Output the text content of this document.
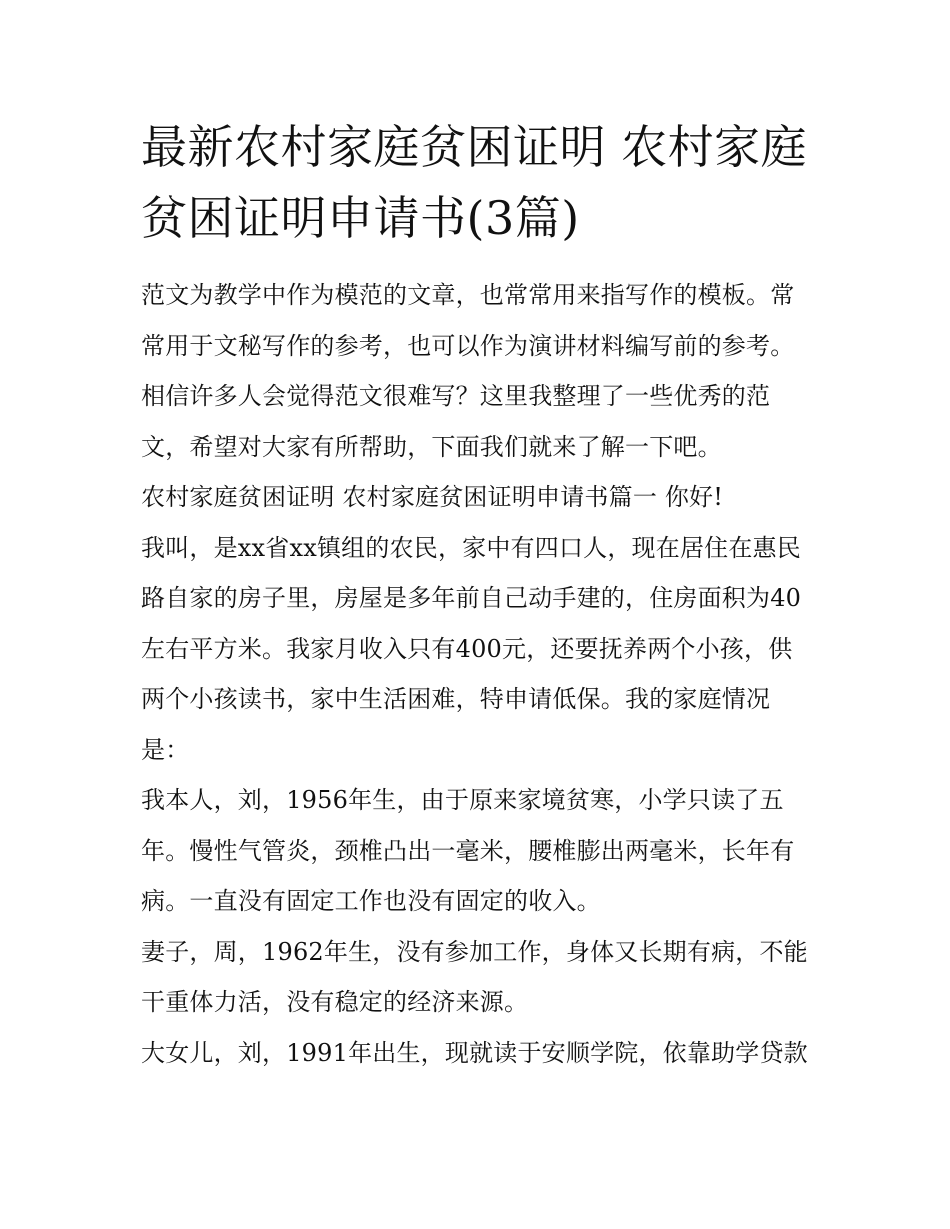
最新农村家庭贫困证明 农村家庭贫困证明申请书(3篇)

范文为教学中作为模范的文章，也常常用来指写作的模板。常常用于文秘写作的参考，也可以作为演讲材料编写前的参考。相信许多人会觉得范文很难写？这里我整理了一些优秀的范文，希望对大家有所帮助，下面我们就来了解一下吧。

农村家庭贫困证明 农村家庭贫困证明申请书篇一 你好!

我叫，是xx省xx镇组的农民，家中有四口人，现在居住在惠民路自家的房子里，房屋是多年前自己动手建的，住房面积为40左右平方米。我家月收入只有400元，还要抚养两个小孩，供两个小孩读书，家中生活困难，特申请低保。我的家庭情况是：

我本人，刘，1956年生，由于原来家境贫寒，小学只读了五年。慢性气管炎，颈椎凸出一毫米，腰椎膨出两毫米，长年有病。一直没有固定工作也没有固定的收入。

妻子，周，1962年生，没有参加工作，身体又长期有病，不能干重体力活，没有稳定的经济来源。

大女儿，刘，1991年出生，现就读于安顺学院，依靠助学贷款
